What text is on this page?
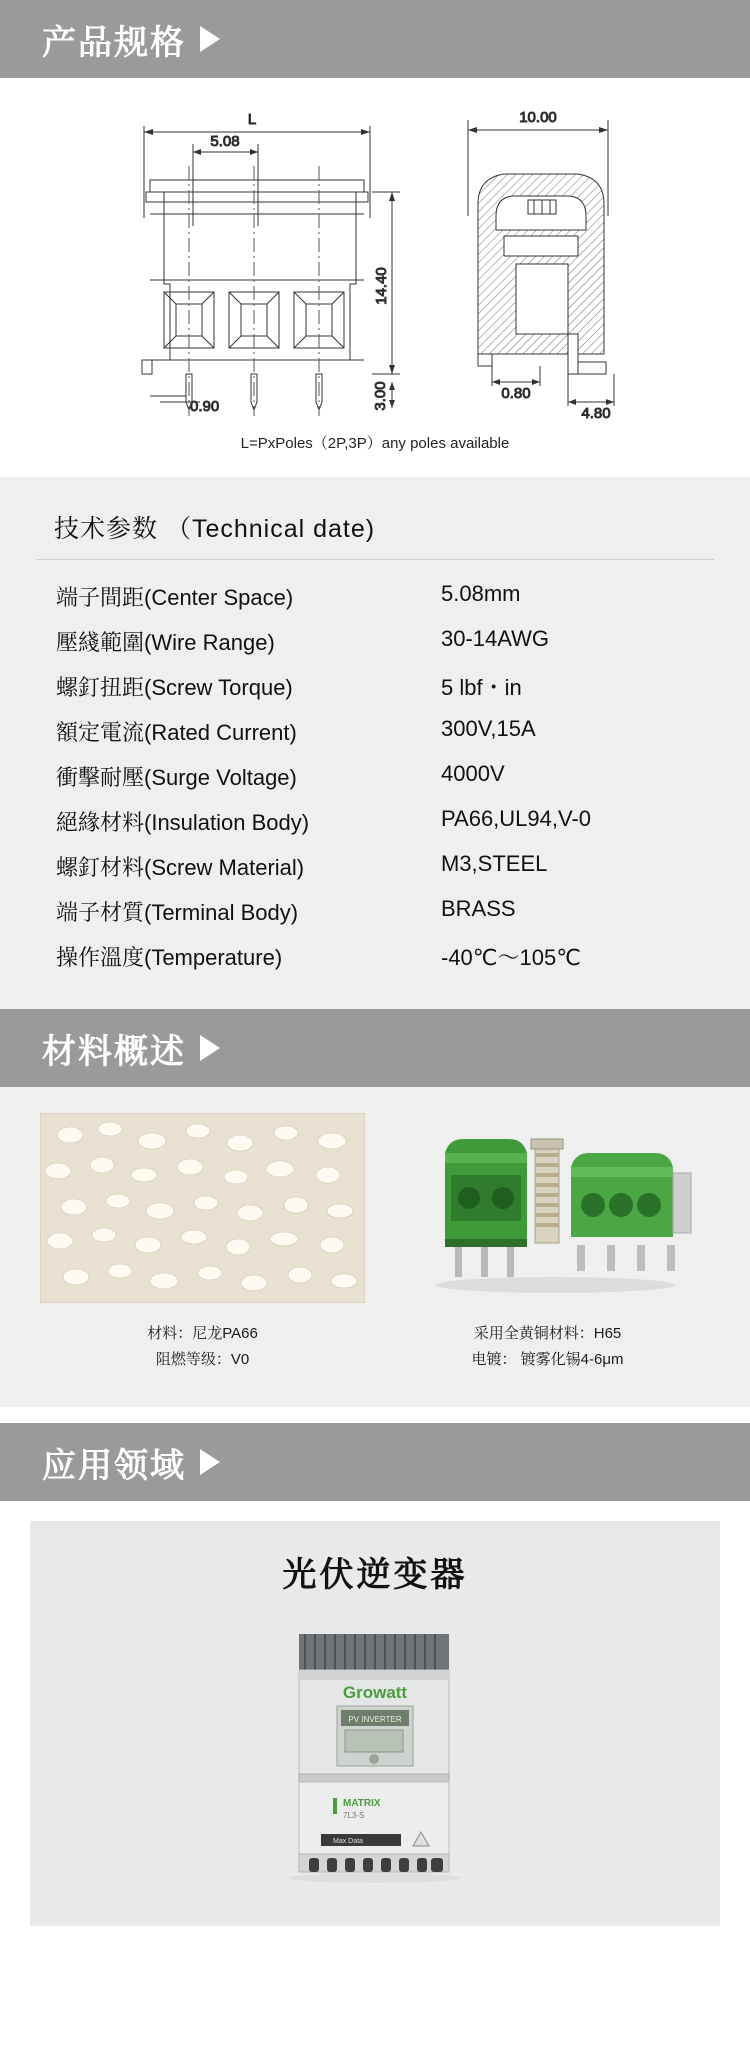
产品规格
L
5.08
0.90
14.40
3.00
10.00
0.80
4.80
L=PxPoles（2P,3P）any poles available
技术参数 （Technical date)
端子間距(Center Space)	5.08mm
壓綫範圍(Wire Range)	30-14AWG
螺釘扭距(Screw Torque)	5 lbf・in
額定電流(Rated Current)	300V,15A
衝擊耐壓(Surge Voltage)	4000V
絕緣材料(Insulation Body)	PA66,UL94,V-0
螺釘材料(Screw Material)	M3,STEEL
端子材質(Terminal Body)	BRASS
操作溫度(Temperature)	-40℃～105℃
材料概述
材料：尼龙PA66
阻燃等级：V0
采用全黄铜材料：H65
电镀： 镀雾化锡4-6μm
应用领域
光伏逆变器
Growatt
PV INVERTER
MATRIX
7L3-S
Max Data
